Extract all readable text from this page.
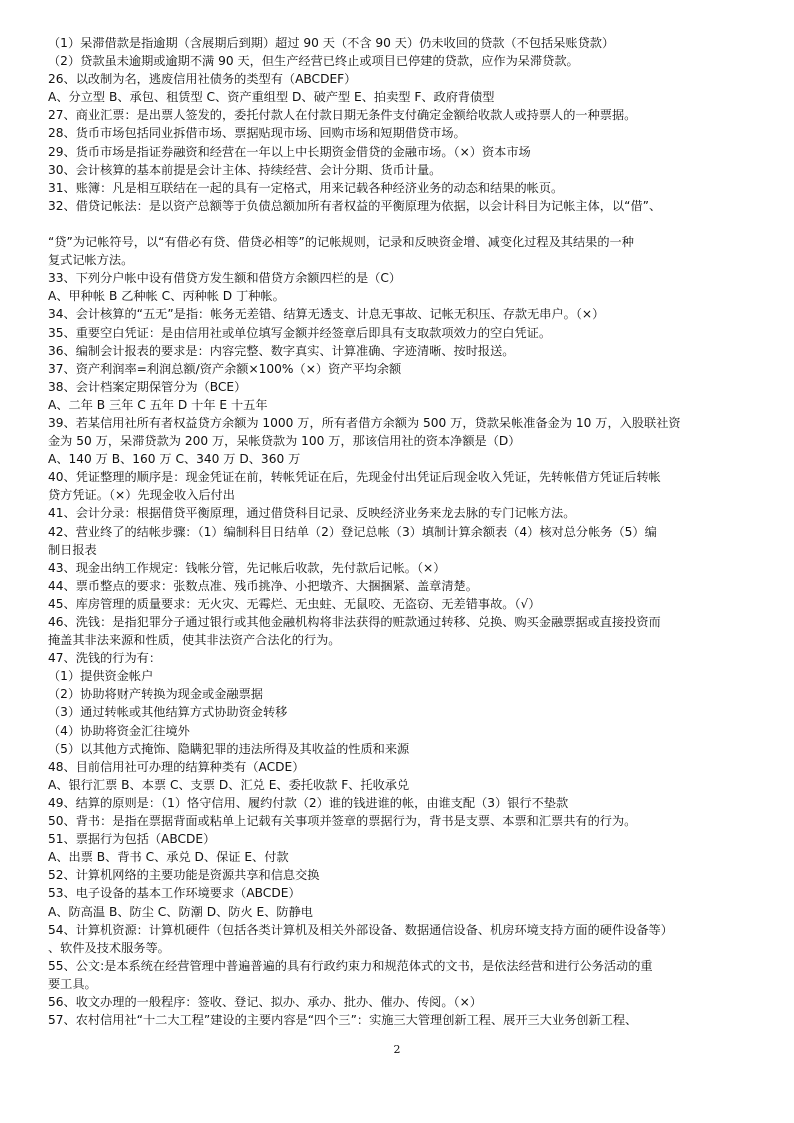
（1）呆滞借款是指逾期（含展期后到期）超过 90 天（不含 90 天）仍未收回的贷款（不包括呆账贷款）
（2）贷款虽未逾期或逾期不满 90 天，但生产经营已终止或项目已停建的贷款，应作为呆滞贷款。
26、以改制为名，逃废信用社债务的类型有（ABCDEF）
A、分立型 B、承包、租赁型 C、资产重组型 D、破产型 E、拍卖型 F、政府背债型
27、商业汇票：是出票人签发的，委托付款人在付款日期无条件支付确定金额给收款人或持票人的一种票据。
28、货币市场包括同业拆借市场、票据贴现市场、回购市场和短期借贷市场。
29、货币市场是指证券融资和经营在一年以上中长期资金借贷的金融市场。（×）资本市场
30、会计核算的基本前提是会计主体、持续经营、会计分期、货币计量。
31、账簿：凡是相互联结在一起的具有一定格式，用来记载各种经济业务的动态和结果的帐页。
32、借贷记帐法：是以资产总额等于负债总额加所有者权益的平衡原理为依据，以会计科目为记帐主体，以“借”、
“贷”为记帐符号，以“有借必有贷、借贷必相等”的记帐规则，记录和反映资金增、减变化过程及其结果的一种
复式记帐方法。
33、下列分户帐中设有借贷方发生额和借贷方余额四栏的是（C）
A、甲种帐 B 乙种帐 C、丙种帐 D 丁种帐。
34、会计核算的“五无”是指：帐务无差错、结算无透支、计息无事故、记帐无积压、存款无串户。（×）
35、重要空白凭证：是由信用社或单位填写金额并经签章后即具有支取款项效力的空白凭证。
36、编制会计报表的要求是：内容完整、数字真实、计算准确、字迹清晰、按时报送。
37、资产利润率=利润总额/资产余额×100%（×）资产平均余额
38、会计档案定期保管分为（BCE）
A、二年 B 三年 C 五年 D 十年 E 十五年
39、若某信用社所有者权益贷方余额为 1000 万，所有者借方余额为 500 万，贷款呆帐准备金为 10 万，入股联社资
金为 50 万，呆滞贷款为 200 万，呆帐贷款为 100 万，那该信用社的资本净额是（D）
A、140 万 B、160 万 C、340 万 D、360 万
40、凭证整理的顺序是：现金凭证在前，转帐凭证在后，先现金付出凭证后现金收入凭证，先转帐借方凭证后转帐
贷方凭证。（×）先现金收入后付出
41、会计分录：根据借贷平衡原理，通过借贷科目记录、反映经济业务来龙去脉的专门记帐方法。
42、营业终了的结帐步骤：（1）编制科目日结单（2）登记总帐（3）填制计算余额表（4）核对总分帐务（5）编
制日报表
43、现金出纳工作规定：钱帐分管，先记帐后收款，先付款后记帐。（×）
44、票币整点的要求：张数点准、残币挑净、小把墩齐、大捆捆紧、盖章清楚。
45、库房管理的质量要求：无火灾、无霉烂、无虫蛀、无鼠咬、无盗窃、无差错事故。（√）
46、洗钱：是指犯罪分子通过银行或其他金融机构将非法获得的赃款通过转移、兑换、购买金融票据或直接投资而
掩盖其非法来源和性质，使其非法资产合法化的行为。
47、洗钱的行为有：
（1）提供资金帐户
（2）协助将财产转换为现金或金融票据
（3）通过转帐或其他结算方式协助资金转移
（4）协助将资金汇往境外
（5）以其他方式掩饰、隐瞒犯罪的违法所得及其收益的性质和来源
48、目前信用社可办理的结算种类有（ACDE）
A、银行汇票 B、本票 C、支票 D、汇兑 E、委托收款 F、托收承兑
49、结算的原则是：（1）恪守信用、履约付款（2）谁的钱进谁的帐，由谁支配（3）银行不垫款
50、背书：是指在票据背面或粘单上记载有关事项并签章的票据行为，背书是支票、本票和汇票共有的行为。
51、票据行为包括（ABCDE）
A、出票 B、背书 C、承兑 D、保证 E、付款
52、计算机网络的主要功能是资源共享和信息交换
53、电子设备的基本工作环境要求（ABCDE）
A、防高温 B、防尘 C、防潮 D、防火 E、防静电
54、计算机资源：计算机硬件（包括各类计算机及相关外部设备、数据通信设备、机房环境支持方面的硬件设备等）
、软件及技术服务等。
55、公文:是本系统在经营管理中普遍普遍的具有行政约束力和规范体式的文书，是依法经营和进行公务活动的重
要工具。
56、收文办理的一般程序：签收、登记、拟办、承办、批办、催办、传阅。（×）
57、农村信用社“十二大工程”建设的主要内容是“四个三”：实施三大管理创新工程、展开三大业务创新工程、
2
